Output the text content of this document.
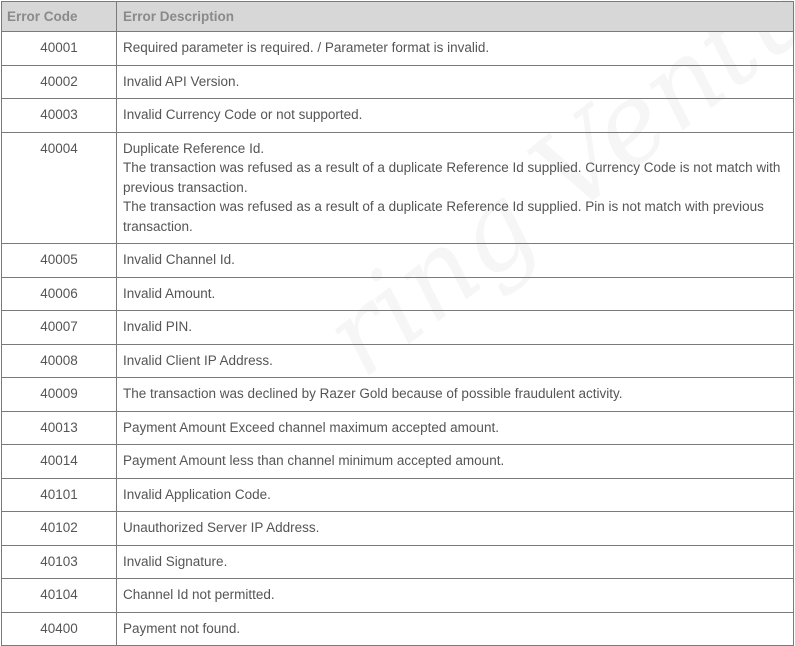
Error Code	Error Description
40001	Required parameter is required. / Parameter format is invalid.

40002	Invalid API Version.

40003	Invalid Currency Code or not supported.

40004	Duplicate Reference Id.
The transaction was refused as a result of a duplicate Reference Id supplied. Currency Code is not match with previous transaction.
The transaction was refused as a result of a duplicate Reference Id supplied. Pin is not match with previous transaction.

40005	Invalid Channel Id.

40006	Invalid Amount.

40007	Invalid PIN.

40008	Invalid Client IP Address.

40009	The transaction was declined by Razer Gold because of possible fraudulent activity.

40013	Payment Amount Exceed channel maximum accepted amount.

40014	Payment Amount less than channel minimum accepted amount.

40101	Invalid Application Code.

40102	Unauthorized Server IP Address.

40103	Invalid Signature.

40104	Channel Id not permitted.

40400	Payment not found.
